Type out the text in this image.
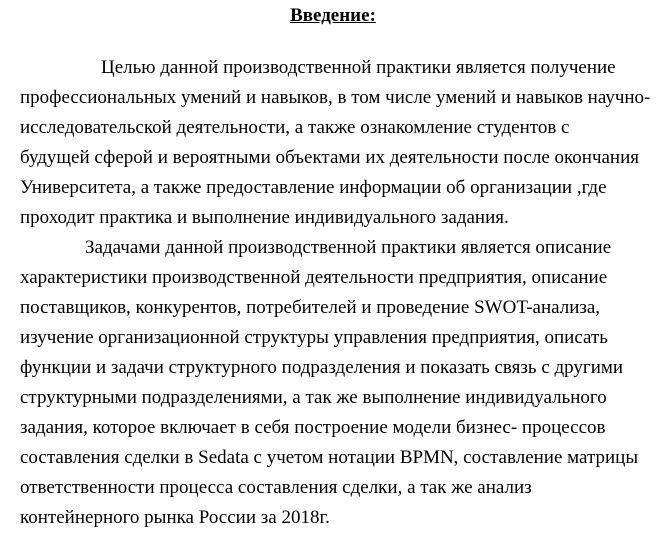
Введение:

Целью данной производственной практики является получение

профессиональных умений и навыков, в том числе умений и навыков научно-

исследовательской деятельности, а также ознакомление студентов с

будущей сферой и вероятными объектами их деятельности после окончания

Университета, а также предоставление информации об организации ,где

проходит практика и выполнение индивидуального задания.

Задачами данной производственной практики является описание

характеристики производственной деятельности предприятия, описание

поставщиков, конкурентов, потребителей и проведение SWOT-анализа,

изучение организационной структуры управления предприятия, описать

функции и задачи структурного подразделения и показать связь с другими

структурными подразделениями, а так же выполнение индивидуального

задания, которое включает в себя построение модели бизнес- процессов

составления сделки в Sedata с учетом нотации BPMN, составление матрицы

ответственности процесса составления сделки, а так же анализ

контейнерного рынка России за 2018г.
